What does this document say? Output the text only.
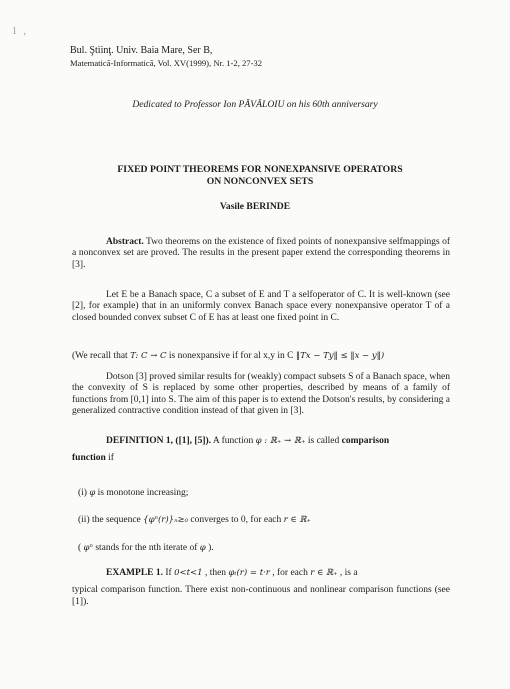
1 ,
Bul. Ştiinţ. Univ. Baia Mare, Ser B,
Matematică-Informatică, Vol. XV(1999), Nr. 1-2, 27-32
Dedicated to Professor Ion PĂVĂLOIU on his 60th anniversary
FIXED POINT THEOREMS FOR NONEXPANSIVE OPERATORS
ON NONCONVEX SETS
Vasile BERINDE

Abstract. Two theorems on the existence of fixed points of nonexpansive selfmappings of a nonconvex set are proved. The results in the present paper extend the corresponding theorems in [3].

Let E be a Banach space, C a subset of E and T a selfoperator of C. It is well-known (see [2], for example) that in an uniformly convex Banach space every nonexpansive operator T of a closed bounded convex subset C of E has at least one fixed point in C.

(We recall that T: C → C is nonexpansive if for al x,y in C ‖Tx − Ty‖ ≤ ‖x − y‖)

Dotson [3] proved similar results for (weakly) compact subsets S of a Banach space, when the convexity of S is replaced by some other properties, described by means of a family of functions from [0,1] into S. The aim of this paper is to extend the Dotson's results, by considering a generalized contractive condition instead of that given in [3].

DEFINITION 1, ([1], [5]). A function φ : ℝ₊ → ℝ₊ is called comparison
function if
(i) φ is monotone increasing;
(ii) the sequence {φⁿ(r)}ₙ≥₀ converges to 0, for each r ∈ ℝ₊
( φⁿ stands for the nth iterate of φ ).
EXAMPLE 1. If 0<t<1 , then φₜ(r) = t·r , for each r ∈ ℝ₊ , is a

typical comparison function. There exist non-continuous and nonlinear comparison functions (see [1]).
